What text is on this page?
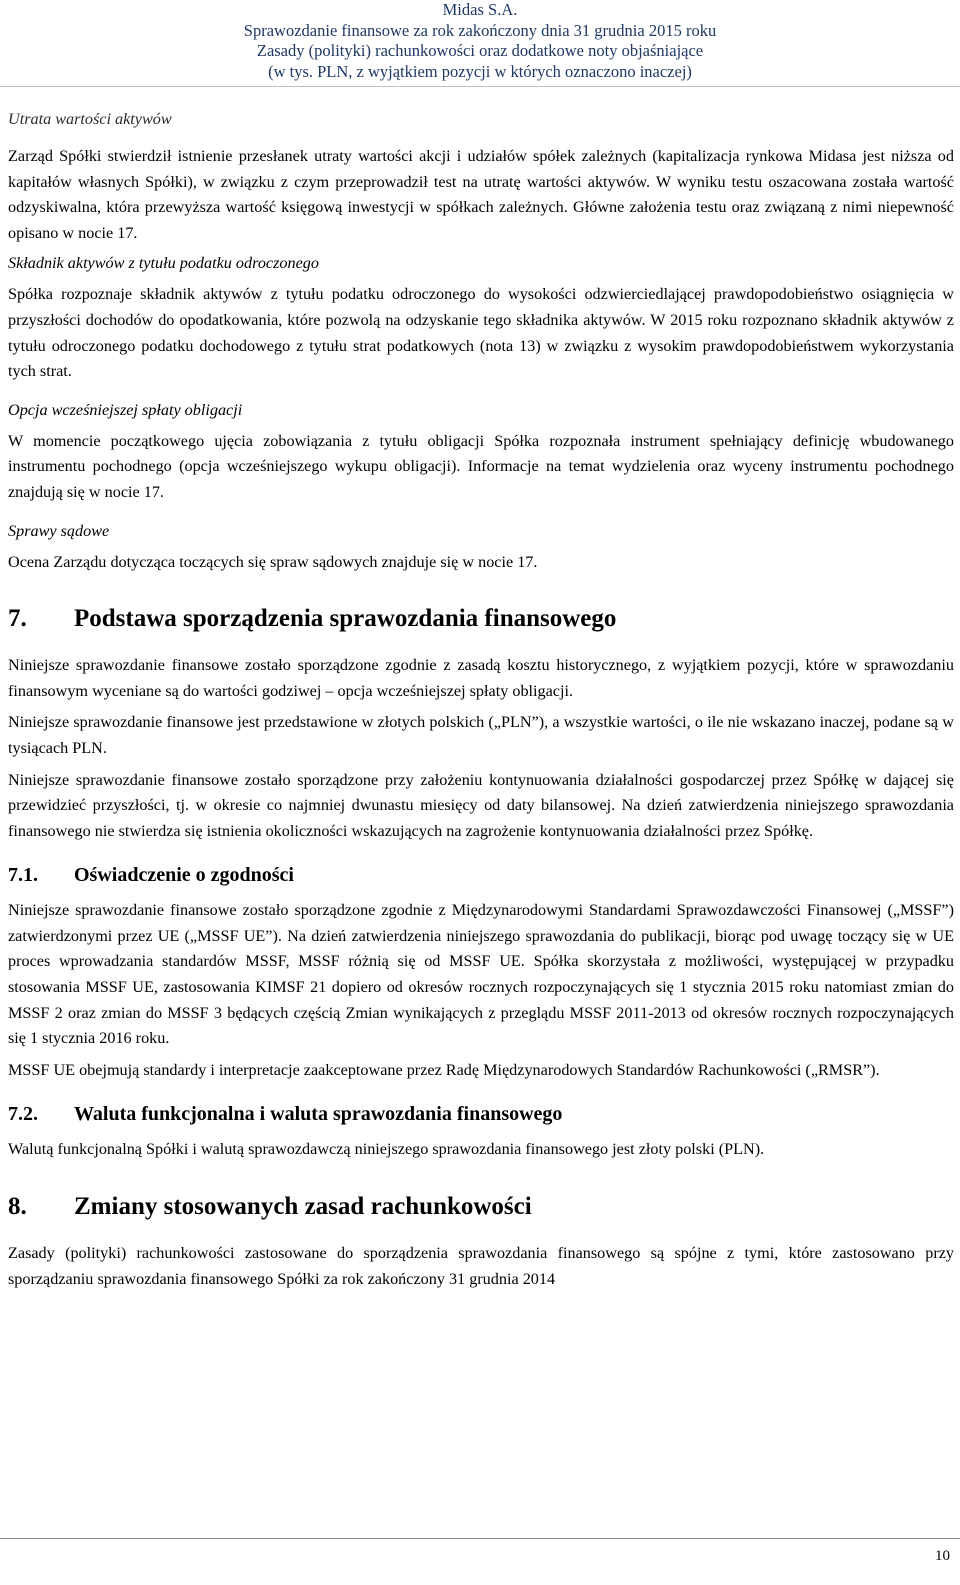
Midas S.A.
Sprawozdanie finansowe za rok zakończony dnia 31 grudnia 2015 roku
Zasady (polityki) rachunkowości oraz dodatkowe noty objaśniające
(w tys. PLN, z wyjątkiem pozycji w których oznaczono inaczej)
Utrata wartości aktywów

Zarząd Spółki stwierdził istnienie przesłanek utraty wartości akcji i udziałów spółek zależnych (kapitalizacja rynkowa Midasa jest niższa od kapitałów własnych Spółki), w związku z czym przeprowadził test na utratę wartości aktywów. W wyniku testu oszacowana została wartość odzyskiwalna, która przewyższa wartość księgową inwestycji w spółkach zależnych. Główne założenia testu oraz związaną z nimi niepewność opisano w nocie 17.

Składnik aktywów z tytułu podatku odroczonego

Spółka rozpoznaje składnik aktywów z tytułu podatku odroczonego do wysokości odzwierciedlającej prawdopodobieństwo osiągnięcia w przyszłości dochodów do opodatkowania, które pozwolą na odzyskanie tego składnika aktywów. W 2015 roku rozpoznano składnik aktywów z tytułu odroczonego podatku dochodowego z tytułu strat podatkowych (nota 13) w związku z wysokim prawdopodobieństwem wykorzystania tych strat.

Opcja wcześniejszej spłaty obligacji

W momencie początkowego ujęcia zobowiązania z tytułu obligacji Spółka rozpoznała instrument spełniający definicję wbudowanego instrumentu pochodnego (opcja wcześniejszego wykupu obligacji). Informacje na temat wydzielenia oraz wyceny instrumentu pochodnego znajdują się w nocie 17.

Sprawy sądowe

Ocena Zarządu dotycząca toczących się spraw sądowych znajduje się w nocie 17.

7.	Podstawa sporządzenia sprawozdania finansowego

Niniejsze sprawozdanie finansowe zostało sporządzone zgodnie z zasadą kosztu historycznego, z wyjątkiem pozycji, które w sprawozdaniu finansowym wyceniane są do wartości godziwej – opcja wcześniejszej spłaty obligacji.

Niniejsze sprawozdanie finansowe jest przedstawione w złotych polskich („PLN”), a wszystkie wartości, o ile nie wskazano inaczej, podane są w tysiącach PLN.

Niniejsze sprawozdanie finansowe zostało sporządzone przy założeniu kontynuowania działalności gospodarczej przez Spółkę w dającej się przewidzieć przyszłości, tj. w okresie co najmniej dwunastu miesięcy od daty bilansowej. Na dzień zatwierdzenia niniejszego sprawozdania finansowego nie stwierdza się istnienia okoliczności wskazujących na zagrożenie kontynuowania działalności przez Spółkę.

7.1.	Oświadczenie o zgodności

Niniejsze sprawozdanie finansowe zostało sporządzone zgodnie z Międzynarodowymi Standardami Sprawozdawczości Finansowej („MSSF”) zatwierdzonymi przez UE („MSSF UE”). Na dzień zatwierdzenia niniejszego sprawozdania do publikacji, biorąc pod uwagę toczący się w UE proces wprowadzania standardów MSSF, MSSF różnią się od MSSF UE. Spółka skorzystała z możliwości, występującej w przypadku stosowania MSSF UE, zastosowania KIMSF 21 dopiero od okresów rocznych rozpoczynających się 1 stycznia 2015 roku natomiast zmian do MSSF 2 oraz zmian do MSSF 3 będących częścią Zmian wynikających z przeglądu MSSF 2011-2013 od okresów rocznych rozpoczynających się 1 stycznia 2016 roku.

MSSF UE obejmują standardy i interpretacje zaakceptowane przez Radę Międzynarodowych Standardów Rachunkowości („RMSR”).

7.2.	Waluta funkcjonalna i waluta sprawozdania finansowego

Walutą funkcjonalną Spółki i walutą sprawozdawczą niniejszego sprawozdania finansowego jest złoty polski (PLN).

8.	Zmiany stosowanych zasad rachunkowości

Zasady (polityki) rachunkowości zastosowane do sporządzenia sprawozdania finansowego są spójne z tymi, które zastosowano przy sporządzaniu sprawozdania finansowego Spółki za rok zakończony 31 grudnia 2014

10
